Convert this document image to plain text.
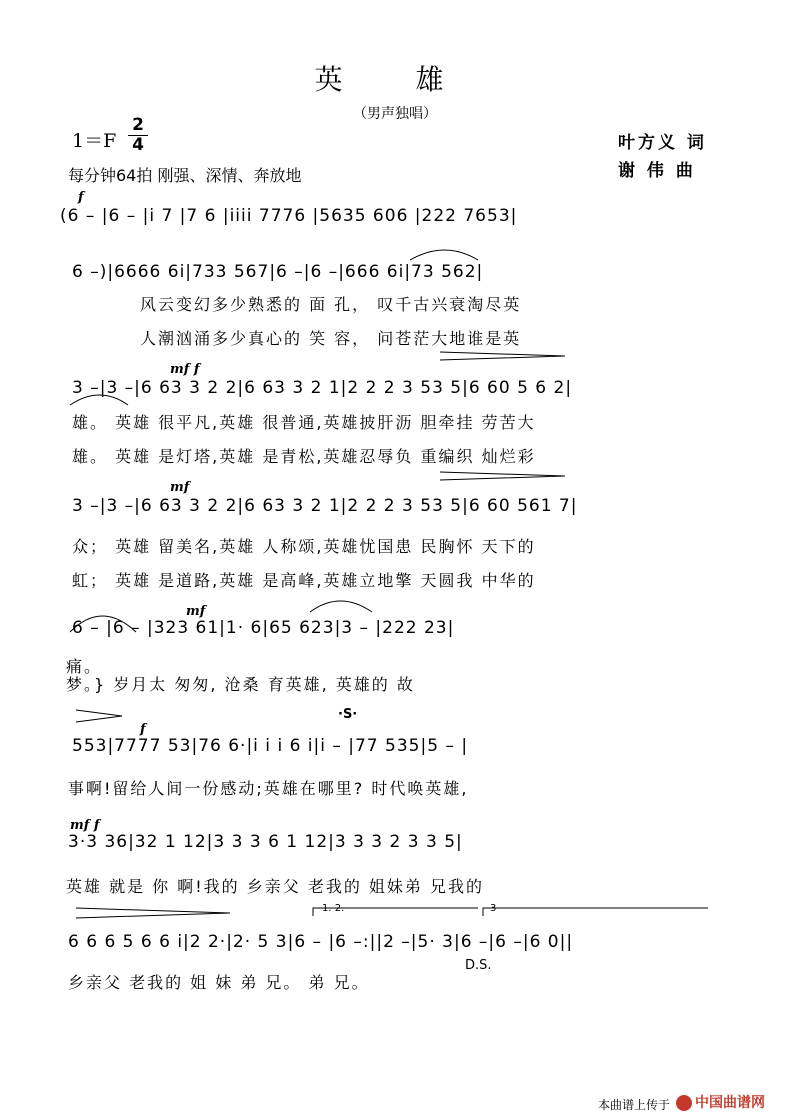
英 雄
（男声独唱）
$1=F \frac{2}{4}$
每分钟64拍 刚强、深情、奔放地
叶方义 词
谢 伟 曲
f
(6 – |6 – |i 7 |7 6 |iiii 7776 |5635 606 |222 7653|
6 –)|6666 6i|733 567|6 –|6 –|666 6i|73 562|
风云变幻多少熟悉的 面 孔， 叹千古兴衰淘尽英
人潮汹涌多少真心的 笑 容， 问苍茫大地谁是英
mf f
3 –|3 –|6 63 3 2 2|6 63 3 2 1|2 2 2 3 53 5|6 60 5 6 2|
雄。 英雄 很平凡,英雄 很普通,英雄披肝沥 胆牵挂 劳苦大
雄。 英雄 是灯塔,英雄 是青松,英雄忍辱负 重编织 灿烂彩
mf
3 –|3 –|6 63 3 2 2|6 63 3 2 1|2 2 2 3 53 5|6 60 561 7|
众； 英雄 留美名,英雄 人称颂,英雄忧国患 民胸怀 天下的
虹； 英雄 是道路,英雄 是高峰,英雄立地擎 天圆我 中华的
mf
6 – |6 – |323 61|1· 6|65 623|3 – |222 23|
痛。
梦。} 岁月太 匆匆, 沧桑 育英雄, 英雄的 故
f
·S·
553|7777 53|76 6·|i i i 6 i|i – |77 535|5 – |
事啊!留给人间一份感动;英雄在哪里? 时代唤英雄,
mf f
3·3 36|32 1 12|3 3 3 6 1 12|3 3 3 2 3 3 5|
英雄 就是 你 啊!我的 乡亲父 老我的 姐妹弟 兄我的
1. 2.	3
6 6 6 5 6 6 i|2 2·|2· 5 3|6 – |6 –:||2 –|5· 3|6 –|6 –|6 0||
D.S.
乡亲父 老我的 姐 妹 弟 兄。 弟 兄。
本曲谱上传于	中国曲谱网
